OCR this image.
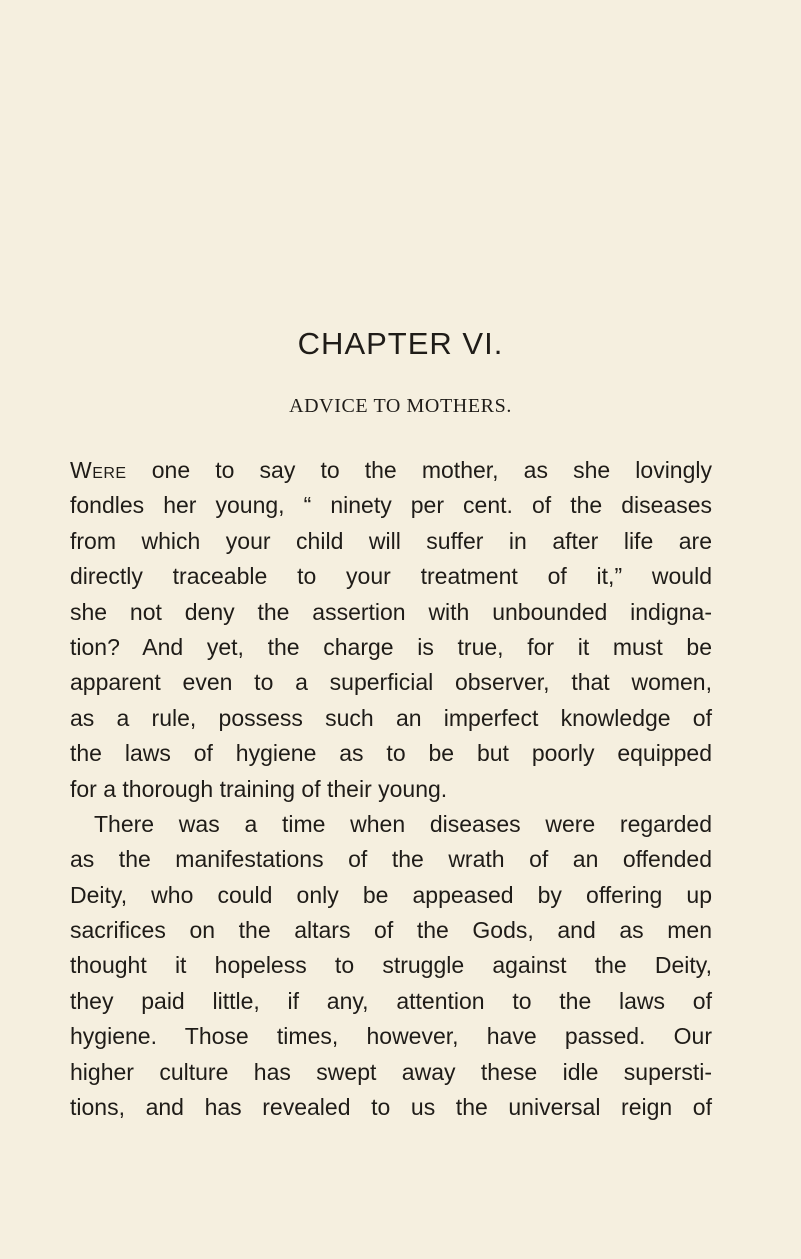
CHAPTER VI.
ADVICE TO MOTHERS.
Were one to say to the mother, as she lovingly
fondles her young, “ ninety per cent. of the diseases
from which your child will suffer in after life are
directly traceable to your treatment of it,” would
she not deny the assertion with unbounded indigna-
tion? And yet, the charge is true, for it must be
apparent even to a superficial observer, that women,
as a rule, possess such an imperfect knowledge of
the laws of hygiene as to be but poorly equipped
for a thorough training of their young.
There was a time when diseases were regarded
as the manifestations of the wrath of an offended
Deity, who could only be appeased by offering up
sacrifices on the altars of the Gods, and as men
thought it hopeless to struggle against the Deity,
they paid little, if any, attention to the laws of
hygiene. Those times, however, have passed. Our
higher culture has swept away these idle supersti-
tions, and has revealed to us the universal reign of
